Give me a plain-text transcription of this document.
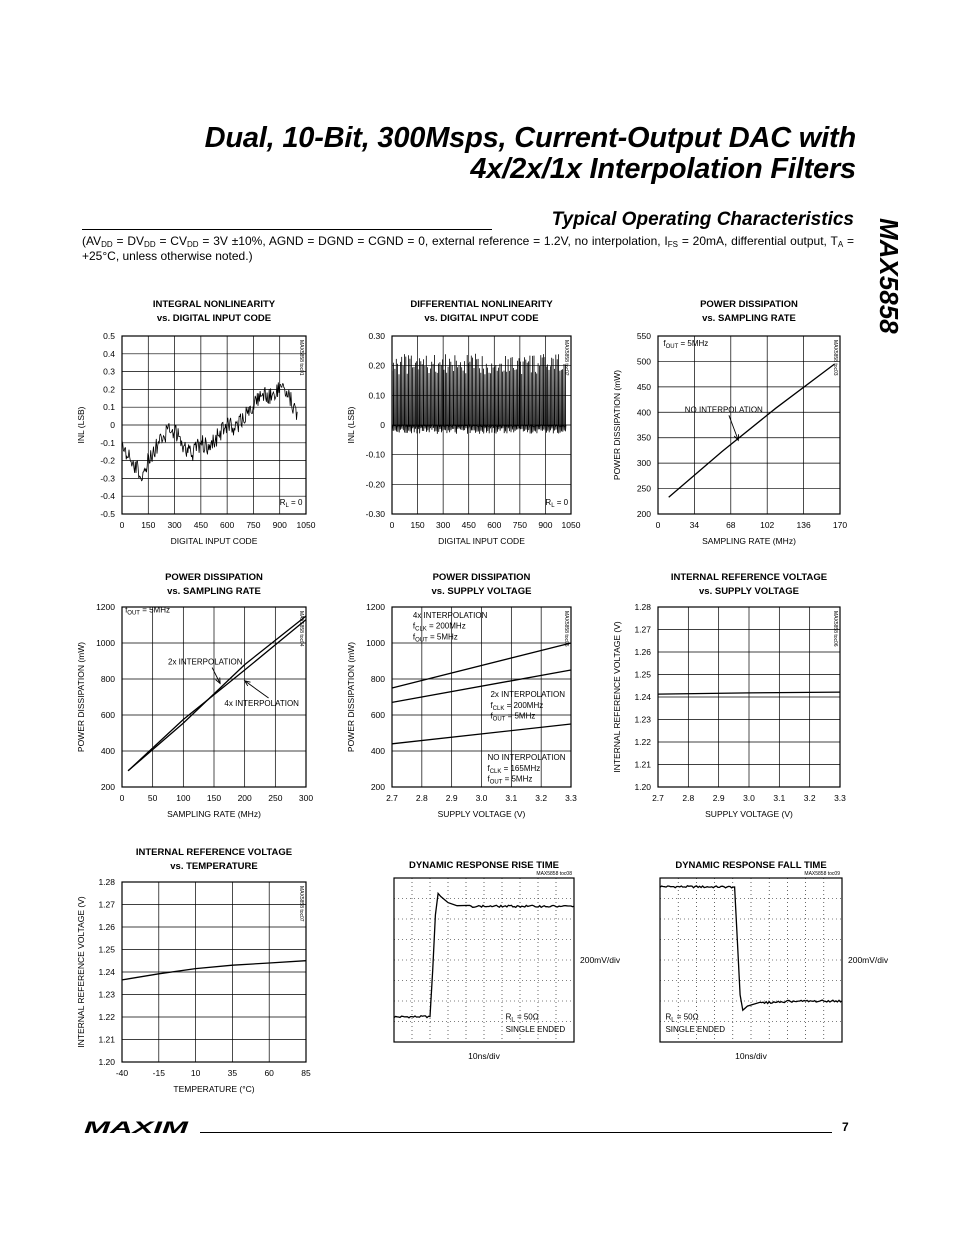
Dual, 10-Bit, 300Msps, Current-Output DAC with
4x/2x/1x Interpolation Filters
Typical Operating Characteristics
($AV_{DD} = DV_{DD} = CV_{DD} = 3V \pm 10\%$, AGND = DGND = CGND = 0, external reference = 1.2V, no interpolation, $I_{FS} = 20mA$, differential output, $T_A = +25^\circ C$, unless otherwise noted.)	MAX5858
INTEGRAL NONLINEARITY
vs. DIGITAL INPUT CODE
0 150 300 450 600 750 900 1050
0.5
0.4
0.3
0.2
0.1
0
-0.1
-0.2
-0.3
-0.4
-0.5
DIGITAL INPUT CODE
INL (LSB)
MAX5858 toc01
$R_L = 0$
DIFFERENTIAL NONLINEARITY
vs. DIGITAL INPUT CODE
0 150 300 450 600 750 900 1050
0.30
0.20
0.10
0
-0.10
-0.20
-0.30
DIGITAL INPUT CODE
INL (LSB)
MAX5858 toc02
$R_L = 0$
POWER DISSIPATION
vs. SAMPLING RATE
0	34	68	102	136	170
550
500
450
400
350
300
250
200
SAMPLING RATE (MHz)
POWER DISSIPATION (mW)
MAX5858 toc03
$f_{OUT} = 5MHz$
NO INTERPOLATION
POWER DISSIPATION
vs. SAMPLING RATE
0	50 100 150 200 250 300
1200
1000
800
600
400
200
SAMPLING RATE (MHz)
POWER DISSIPATION (mW)
MAX5858 toc04
$f_{OUT} = 5MHz$
2x INTERPOLATION
4x INTERPOLATION
POWER DISSIPATION
vs. SUPPLY VOLTAGE
2.7 2.8 2.9 3.0 3.1 3.2 3.3
1200
1000
800
600
400
200
SUPPLY VOLTAGE (V)
POWER DISSIPATION (mW)
MAX5858 toc05
4x INTERPOLATION
$f_{CLK} = 200MHz$
$f_{OUT} = 5MHz$
2x INTERPOLATION
$f_{CLK} = 200MHz$
$f_{OUT} = 5MHz$
NO INTERPOLATION
$f_{CLK} = 165MHz$
$f_{OUT} = 5MHz$
INTERNAL REFERENCE VOLTAGE
vs. SUPPLY VOLTAGE
2.7 2.8 2.9 3.0 3.1 3.2 3.3
1.28
1.27
1.26
1.25
1.24
1.23
1.22
1.21
1.20
SUPPLY VOLTAGE (V)
INTERNAL REFERENCE VOLTAGE (V)	MAX5858 toc06
INTERNAL REFERENCE VOLTAGE
vs. TEMPERATURE
-40	-15	10	35	60	85
1.28
1.27
1.26
1.25
1.24
1.23
1.22
1.21
1.20
TEMPERATURE (°C)
INTERNAL REFERENCE VOLTAGE (V)	MAX5858 toc07
DYNAMIC RESPONSE RISE TIME
10ns/div
200mV/div
MAX5858 toc08
$R_L = 50\Omega$
SINGLE ENDED
DYNAMIC RESPONSE FALL TIME
10ns/div
200mV/div
MAX5858 toc09
$R_L = 50\Omega$
SINGLE ENDED
MAXIM	7
